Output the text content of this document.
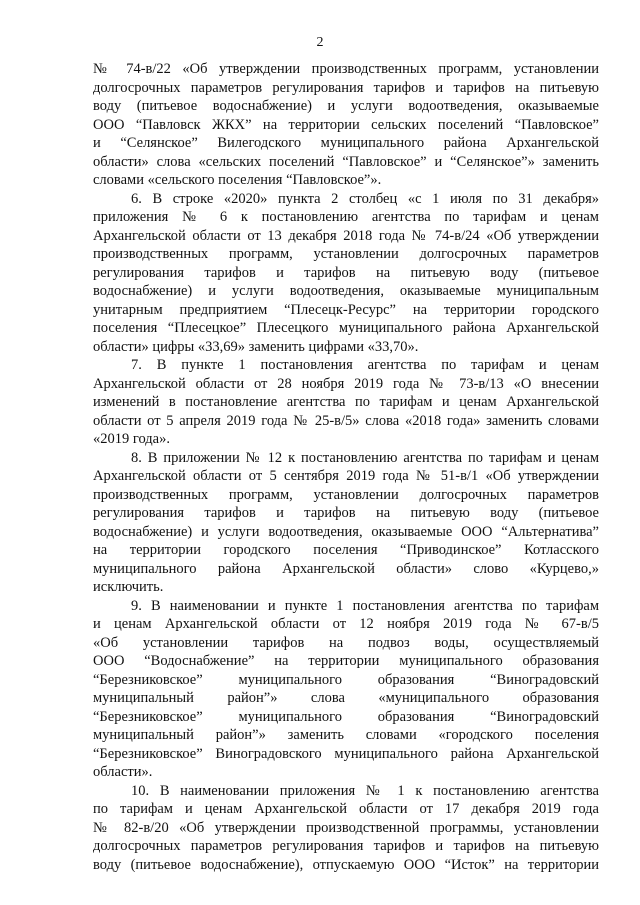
2
№ 74-в/22 «Об утверждении производственных программ, установлении
долгосрочных параметров регулирования тарифов и тарифов на питьевую
воду (питьевое водоснабжение) и услуги водоотведения, оказываемые
ООО “Павловск ЖКХ” на территории сельских поселений “Павловское”
и “Селянское” Вилегодского муниципального района Архангельской
области» слова «сельских поселений “Павловское” и “Селянское”» заменить
словами «сельского поселения “Павловское”».
6. В строке «2020» пункта 2 столбец «с 1 июля по 31 декабря»
приложения № 6 к постановлению агентства по тарифам и ценам
Архангельской области от 13 декабря 2018 года № 74-в/24 «Об утверждении
производственных программ, установлении долгосрочных параметров
регулирования тарифов и тарифов на питьевую воду (питьевое
водоснабжение) и услуги водоотведения, оказываемые муниципальным
унитарным предприятием “Плесецк-Ресурс” на территории городского
поселения “Плесецкое” Плесецкого муниципального района Архангельской
области» цифры «33,69» заменить цифрами «33,70».
7. В пункте 1 постановления агентства по тарифам и ценам
Архангельской области от 28 ноября 2019 года № 73-в/13 «О внесении
изменений в постановление агентства по тарифам и ценам Архангельской
области от 5 апреля 2019 года № 25-в/5» слова «2018 года» заменить словами
«2019 года».
8. В приложении № 12 к постановлению агентства по тарифам и ценам
Архангельской области от 5 сентября 2019 года № 51-в/1 «Об утверждении
производственных программ, установлении долгосрочных параметров
регулирования тарифов и тарифов на питьевую воду (питьевое
водоснабжение) и услуги водоотведения, оказываемые ООО “Альтернатива”
на территории городского поселения “Приводинское” Котласского
муниципального района Архангельской области» слово «Курцево,»
исключить.
9. В наименовании и пункте 1 постановления агентства по тарифам
и ценам Архангельской области от 12 ноября 2019 года № 67-в/5
«Об установлении тарифов на подвоз воды, осуществляемый
ООО “Водоснабжение” на территории муниципального образования
“Березниковское” муниципального образования “Виноградовский
муниципальный район”» слова «муниципального образования
“Березниковское” муниципального образования “Виноградовский
муниципальный район”» заменить словами «городского поселения
“Березниковское” Виноградовского муниципального района Архангельской
области».
10. В наименовании приложения № 1 к постановлению агентства
по тарифам и ценам Архангельской области от 17 декабря 2019 года
№ 82-в/20 «Об утверждении производственной программы, установлении
долгосрочных параметров регулирования тарифов и тарифов на питьевую
воду (питьевое водоснабжение), отпускаемую ООО “Исток” на территории
